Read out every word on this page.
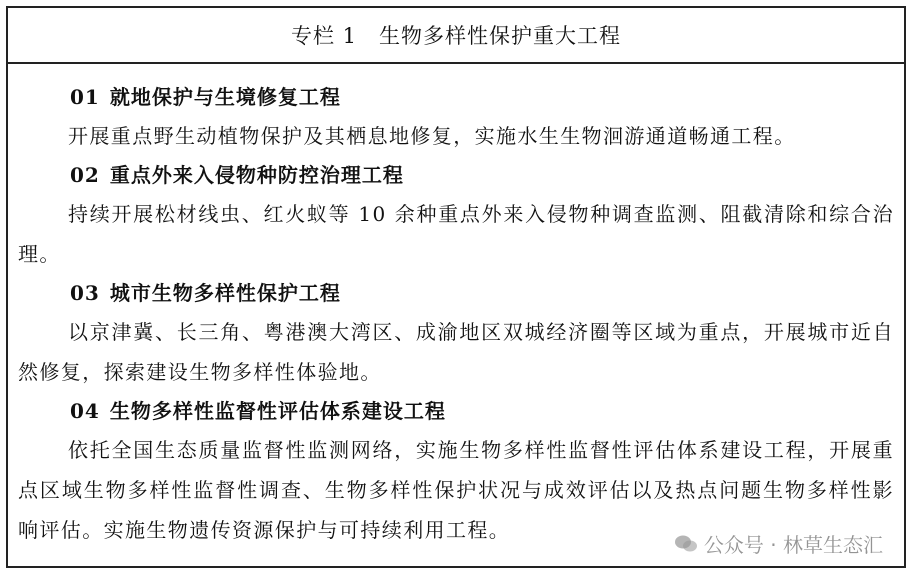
专栏 1 生物多样性保护重大工程
01 就地保护与生境修复工程

开展重点野生动植物保护及其栖息地修复，实施水生生物洄游通道畅通工程。

02 重点外来入侵物种防控治理工程

持续开展松材线虫、红火蚁等 10 余种重点外来入侵物种调查监测、阻截清除和综合治理。

03 城市生物多样性保护工程

以京津冀、长三角、粤港澳大湾区、成渝地区双城经济圈等区域为重点，开展城市近自然修复，探索建设生物多样性体验地。

04 生物多样性监督性评估体系建设工程

依托全国生态质量监督性监测网络，实施生物多样性监督性评估体系建设工程，开展重点区域生物多样性监督性调查、生物多样性保护状况与成效评估以及热点问题生物多样性影响评估。实施生物遗传资源保护与可持续利用工程。

公众号 · 林草生态汇
